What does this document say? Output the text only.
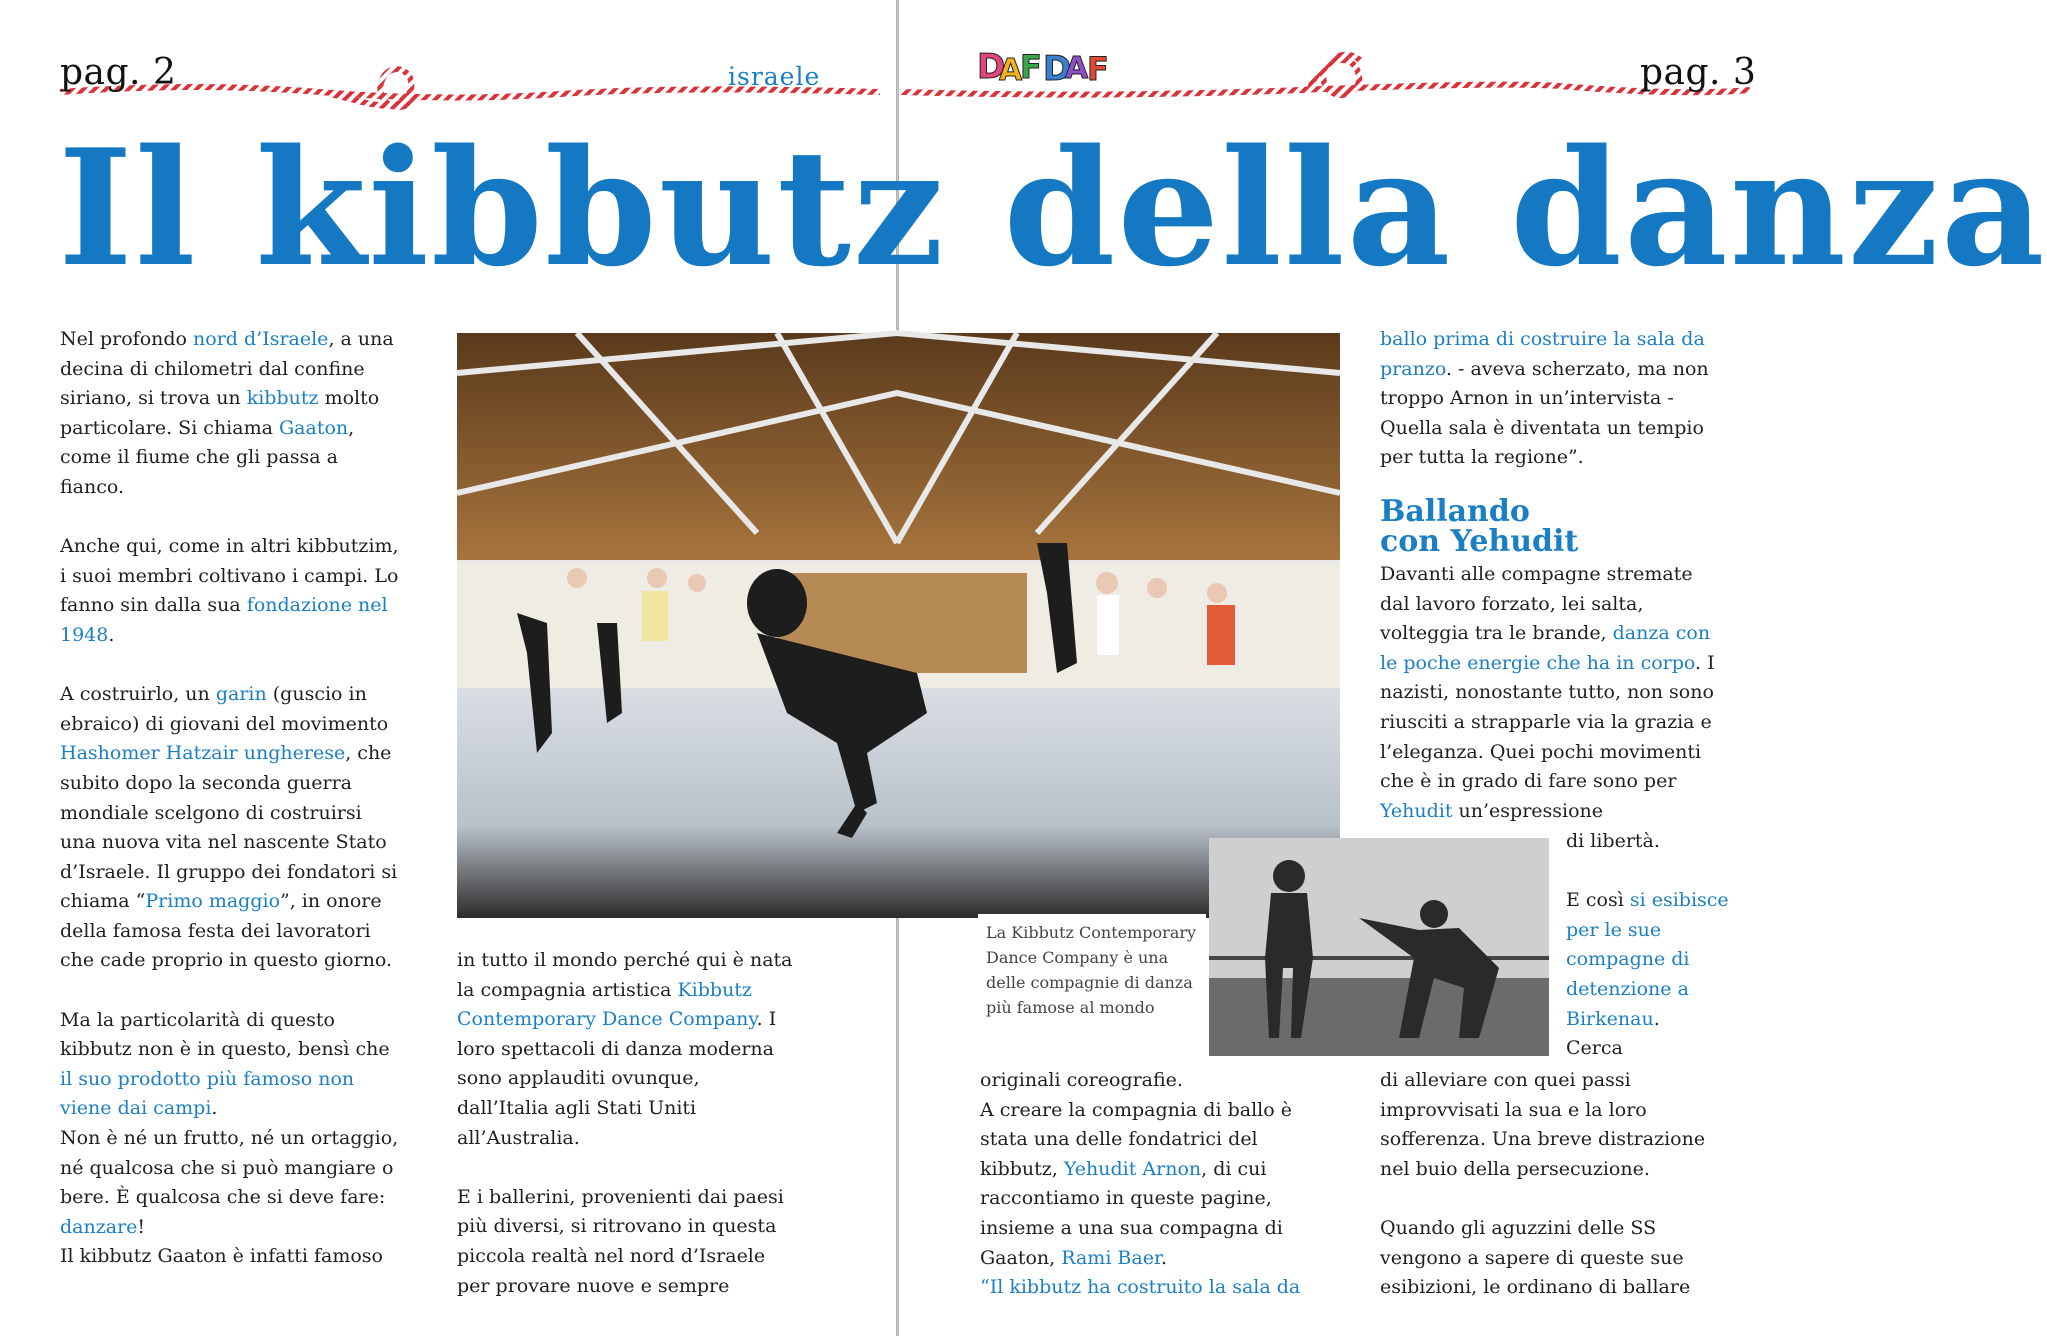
pag. 2	israele	pag. 3
D
A
F D
A
F
Il kibbutz della danza

Nel profondo nord d’Israele, a una decina di chilometri dal confine siriano, si trova un kibbutz molto particolare. Si chiama Gaaton, come il fiume che gli passa a fianco.

Anche qui, come in altri kibbutzim, i suoi membri coltivano i campi. Lo fanno sin dalla sua fondazione nel 1948.

A costruirlo, un garin (guscio in ebraico) di giovani del movimento Hashomer Hatzair ungherese, che subito dopo la seconda guerra mondiale scelgono di costruirsi una nuova vita nel nascente Stato d’Israele. Il gruppo dei fondatori si chiama “Primo maggio”, in onore della famosa festa dei lavoratori che cade proprio in questo giorno.

Ma la particolarità di questo kibbutz non è in questo, bensì che il suo prodotto più famoso non viene dai campi.

Non è né un frutto, né un ortaggio, né qualcosa che si può mangiare o bere. È qualcosa che si deve fare: danzare!

Il kibbutz Gaaton è infatti famoso

in tutto il mondo perché qui è nata la compagnia artistica Kibbutz Contemporary Dance Company. I loro spettacoli di danza moderna sono applauditi ovunque, dall’Italia agli Stati Uniti all’Australia.

E i ballerini, provenienti dai paesi più diversi, si ritrovano in questa piccola realtà nel nord d’Israele per provare nuove e sempre

La Kibbutz Contemporary Dance Company è una delle compagnie di danza più famose al mondo

originali coreografie.

A creare la compagnia di ballo è stata una delle fondatrici del kibbutz, Yehudit Arnon, di cui raccontiamo in queste pagine, insieme a una sua compagna di Gaaton, Rami Baer.

“Il kibbutz ha costruito la sala da

ballo prima di costruire la sala da pranzo. - aveva scherzato, ma non troppo Arnon in un’intervista - Quella sala è diventata un tempio per tutta la regione”.

Ballando
con Yehudit

Davanti alle compagne stremate dal lavoro forzato, lei salta, volteggia tra le brande, danza con le poche energie che ha in corpo. I nazisti, nonostante tutto, non sono riusciti a strapparle via la grazia e l’eleganza. Quei pochi movimenti che è in grado di fare sono per Yehudit un’espressione

di libertà.

E così si esibisce per le sue compagne di detenzione a Birkenau.

Cerca

di alleviare con quei passi improvvisati la sua e la loro sofferenza. Una breve distrazione nel buio della persecuzione.

Quando gli aguzzini delle SS vengono a sapere di queste sue esibizioni, le ordinano di ballare
